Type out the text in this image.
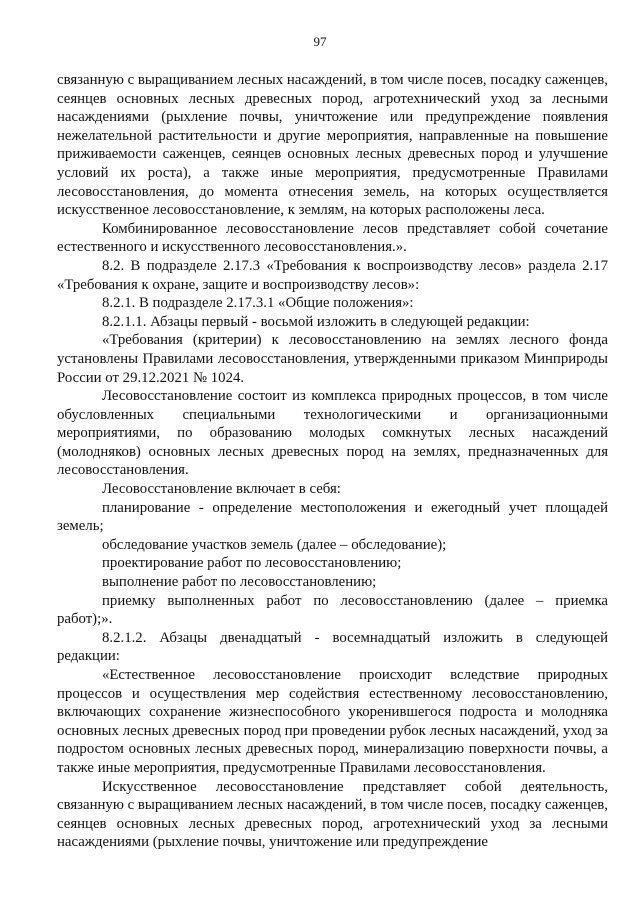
97

связанную с выращиванием лесных насаждений, в том числе посев, посадку саженцев, сеянцев основных лесных древесных пород, агротехнический уход за лесными насаждениями (рыхление почвы, уничтожение или предупреждение появления нежелательной растительности и другие мероприятия, направленные на повышение приживаемости саженцев, сеянцев основных лесных древесных пород и улучшение условий их роста), а также иные мероприятия, предусмотренные Правилами лесовосстановления, до момента отнесения земель, на которых осуществляется искусственное лесовосстановление, к землям, на которых расположены леса.

Комбинированное лесовосстановление лесов представляет собой сочетание естественного и искусственного лесовосстановления.».

8.2. В подразделе 2.17.3 «Требования к воспроизводству лесов» раздела 2.17 «Требования к охране, защите и воспроизводству лесов»:

8.2.1. В подразделе 2.17.3.1 «Общие положения»:

8.2.1.1. Абзацы первый - восьмой изложить в следующей редакции:

«Требования (критерии) к лесовосстановлению на землях лесного фонда установлены Правилами лесовосстановления, утвержденными приказом Минприроды России от 29.12.2021 № 1024.

Лесовосстановление состоит из комплекса природных процессов, в том числе обусловленных специальными технологическими и организационными мероприятиями, по образованию молодых сомкнутых лесных насаждений (молодняков) основных лесных древесных пород на землях, предназначенных для лесовосстановления.

Лесовосстановление включает в себя:

планирование - определение местоположения и ежегодный учет площадей земель;

обследование участков земель (далее – обследование);

проектирование работ по лесовосстановлению;

выполнение работ по лесовосстановлению;

приемку выполненных работ по лесовосстановлению (далее – приемка работ);».

8.2.1.2. Абзацы двенадцатый - восемнадцатый изложить в следующей редакции:

«Естественное лесовосстановление происходит вследствие природных процессов и осуществления мер содействия естественному лесовосстановлению, включающих сохранение жизнеспособного укоренившегося подроста и молодняка основных лесных древесных пород при проведении рубок лесных насаждений, уход за подростом основных лесных древесных пород, минерализацию поверхности почвы, а также иные мероприятия, предусмотренные Правилами лесовосстановления.

Искусственное лесовосстановление представляет собой деятельность, связанную с выращиванием лесных насаждений, в том числе посев, посадку саженцев, сеянцев основных лесных древесных пород, агротехнический уход за лесными насаждениями (рыхление почвы, уничтожение или предупреждение
